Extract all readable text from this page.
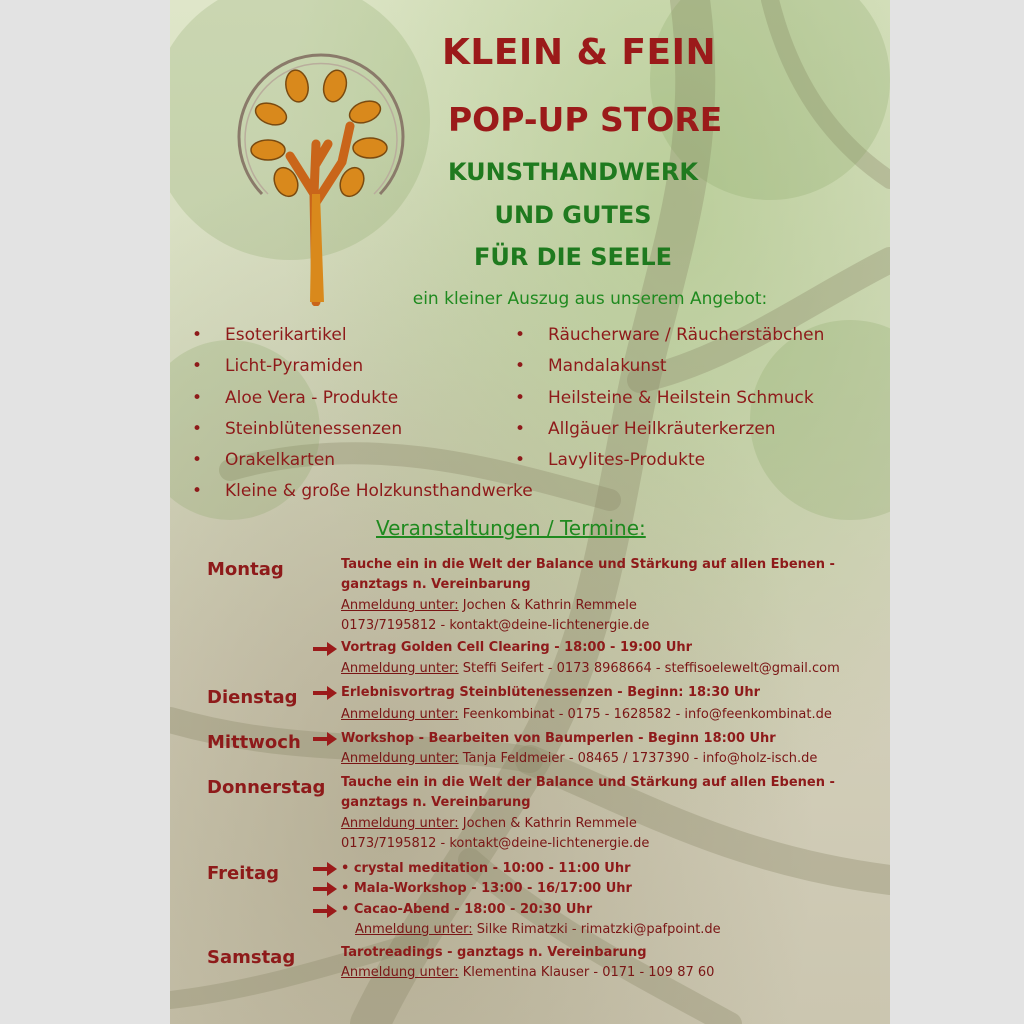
KLEIN & FEIN
POP-UP STORE
KUNSTHANDWERK
UND GUTES
FÜR DIE SEELE
ein kleiner Auszug aus unserem Angebot:
• Esoterikartikel
• Licht-Pyramiden
• Aloe Vera - Produkte
• Steinblütenessenzen
• Orakelkarten
• Kleine & große Holzkunsthandwerke
• Räucherware / Räucherstäbchen
• Mandalakunst
• Heilsteine & Heilstein Schmuck
• Allgäuer Heilkräuterkerzen
• Lavylites-Produkte
Veranstaltungen / Termine:
Montag	Tauche ein in die Welt der Balance und Stärkung auf allen Ebenen -
ganztags n. Vereinbarung
Anmeldung unter: Jochen & Kathrin Remmele
0173/7195812 - kontakt@deine-lichtenergie.de
Vortrag Golden Cell Clearing - 18:00 - 19:00 Uhr
Anmeldung unter: Steffi Seifert - 0173 8968664 - steffisoelewelt@gmail.com
Dienstag	Erlebnisvortrag Steinblütenessenzen - Beginn: 18:30 Uhr
Anmeldung unter: Feenkombinat - 0175 - 1628582 - info@feenkombinat.de
Mittwoch	Workshop - Bearbeiten von Baumperlen - Beginn 18:00 Uhr
Anmeldung unter: Tanja Feldmeier - 08465 / 1737390 - info@holz-isch.de
Donnerstag Tauche ein in die Welt der Balance und Stärkung auf allen Ebenen -
ganztags n. Vereinbarung
Anmeldung unter: Jochen & Kathrin Remmele
0173/7195812 - kontakt@deine-lichtenergie.de
Freitag	• crystal meditation - 10:00 - 11:00 Uhr
• Mala-Workshop - 13:00 - 16/17:00 Uhr
• Cacao-Abend - 18:00 - 20:30 Uhr
Anmeldung unter: Silke Rimatzki - rimatzki@pafpoint.de
Samstag	Tarotreadings - ganztags n. Vereinbarung
Anmeldung unter: Klementina Klauser - 0171 - 109 87 60
